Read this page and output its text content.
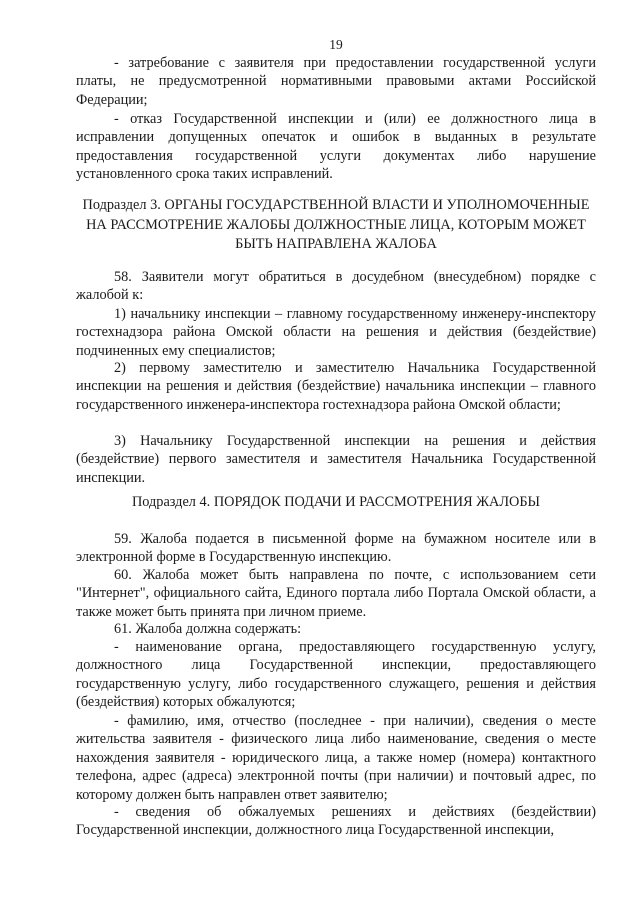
19

- затребование с заявителя при предоставлении государственной услуги платы, не предусмотренной нормативными правовыми актами Российской Федерации;

- отказ Государственной инспекции и (или) ее должностного лица в исправлении допущенных опечаток и ошибок в выданных в результате предоставления государственной услуги документах либо нарушение установленного срока таких исправлений.

Подраздел 3. ОРГАНЫ ГОСУДАРСТВЕННОЙ ВЛАСТИ И УПОЛНОМОЧЕННЫЕ НА РАССМОТРЕНИЕ ЖАЛОБЫ ДОЛЖНОСТНЫЕ ЛИЦА, КОТОРЫМ МОЖЕТ БЫТЬ НАПРАВЛЕНА ЖАЛОБА

58. Заявители могут обратиться в досудебном (внесудебном) порядке с жалобой к:

1) начальнику инспекции – главному государственному инженеру-инспектору гостехнадзора района Омской области на решения и действия (бездействие) подчиненных ему специалистов;

2) первому заместителю и заместителю Начальника Государственной инспекции на решения и действия (бездействие) начальника инспекции – главного государственного инженера-инспектора гостехнадзора района Омской области;

3) Начальнику Государственной инспекции на решения и действия (бездействие) первого заместителя и заместителя Начальника Государственной инспекции.

Подраздел 4. ПОРЯДОК ПОДАЧИ И РАССМОТРЕНИЯ ЖАЛОБЫ

59. Жалоба подается в письменной форме на бумажном носителе или в электронной форме в Государственную инспекцию.

60. Жалоба может быть направлена по почте, с использованием сети "Интернет", официального сайта, Единого портала либо Портала Омской области, а также может быть принята при личном приеме.

61. Жалоба должна содержать:

- наименование органа, предоставляющего государственную услугу, должностного лица Государственной инспекции, предоставляющего государственную услугу, либо государственного служащего, решения и действия (бездействия) которых обжалуются;

- фамилию, имя, отчество (последнее - при наличии), сведения о месте жительства заявителя - физического лица либо наименование, сведения о месте нахождения заявителя - юридического лица, а также номер (номера) контактного телефона, адрес (адреса) электронной почты (при наличии) и почтовый адрес, по которому должен быть направлен ответ заявителю;

- сведения об обжалуемых решениях и действиях (бездействии) Государственной инспекции, должностного лица Государственной инспекции,
